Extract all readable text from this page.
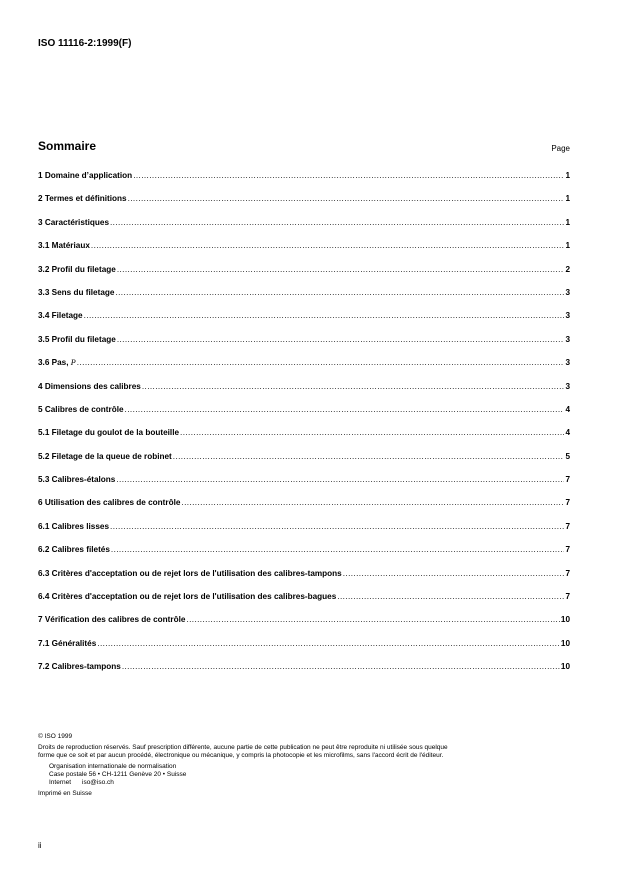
ISO 11116-2:1999(F)
Sommaire	Page
1 Domaine d’application .....	1
2 Termes et définitions .....	1
3 Caractéristiques .....	1
3.1 Matériaux .....	1
3.2 Profil du filetage .....	2
3.3 Sens du filetage .....	3
3.4 Filetage .....	3
3.5 Profil du filetage .....	3
3.6 Pas, P .....	3
4 Dimensions des calibres .....	3
5 Calibres de contrôle .....	4
5.1 Filetage du goulot de la bouteille .....	4
5.2 Filetage de la queue de robinet .....	5
5.3 Calibres-étalons .....	7
6 Utilisation des calibres de contrôle .....	7
6.1 Calibres lisses .....	7
6.2 Calibres filetés .....	7
6.3 Critères d'acceptation ou de rejet lors de l'utilisation des calibres-tampons .....	7
6.4 Critères d'acceptation ou de rejet lors de l'utilisation des calibres-bagues .....	7
7 Vérification des calibres de contrôle .....	10
7.1 Généralités .....	10
7.2 Calibres-tampons .....	10

© ISO 1999

Droits de reproduction réservés. Sauf prescription différente, aucune partie de cette publication ne peut être reproduite ni utilisée sous quelque

forme que ce soit et par aucun procédé, électronique ou mécanique, y compris la photocopie et les microfilms, sans l'accord écrit de l'éditeur.

Organisation internationale de normalisation

Case postale 56 • CH-1211 Genève 20 • Suisse

Internet iso@iso.ch

Imprimé en Suisse

ii
